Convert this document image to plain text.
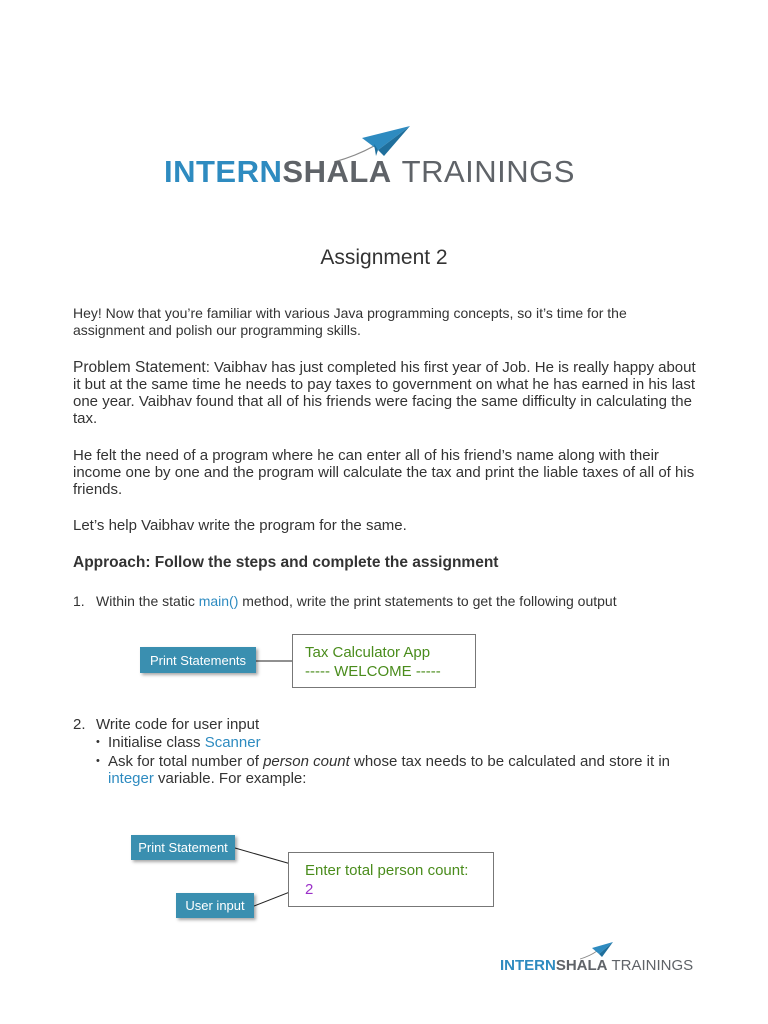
INTERNSHALA TRAININGS
Assignment 2
Hey! Now that you’re familiar with various Java programming concepts, so it’s time for the assignment and polish our programming skills.
Problem Statement: Vaibhav has just completed his first year of Job. He is really happy about it but at the same time he needs to pay taxes to government on what he has earned in his last one year. Vaibhav found that all of his friends were facing the same difficulty in calculating the tax.
He felt the need of a program where he can enter all of his friend’s name along with their income one by one and the program will calculate the tax and print the liable taxes of all of his friends.
Let’s help Vaibhav write the program for the same.
Approach: Follow the steps and complete the assignment
1. Within the static main() method, write the print statements to get the following output
Print Statements	Tax Calculator App
----- WELCOME -----
2. Write code for user input
• Initialise class Scanner
• Ask for total number of person count whose tax needs to be calculated and store it in integer variable. For example:
Print Statement
User input
Enter total person count:
2
INTERNSHALA TRAININGS
